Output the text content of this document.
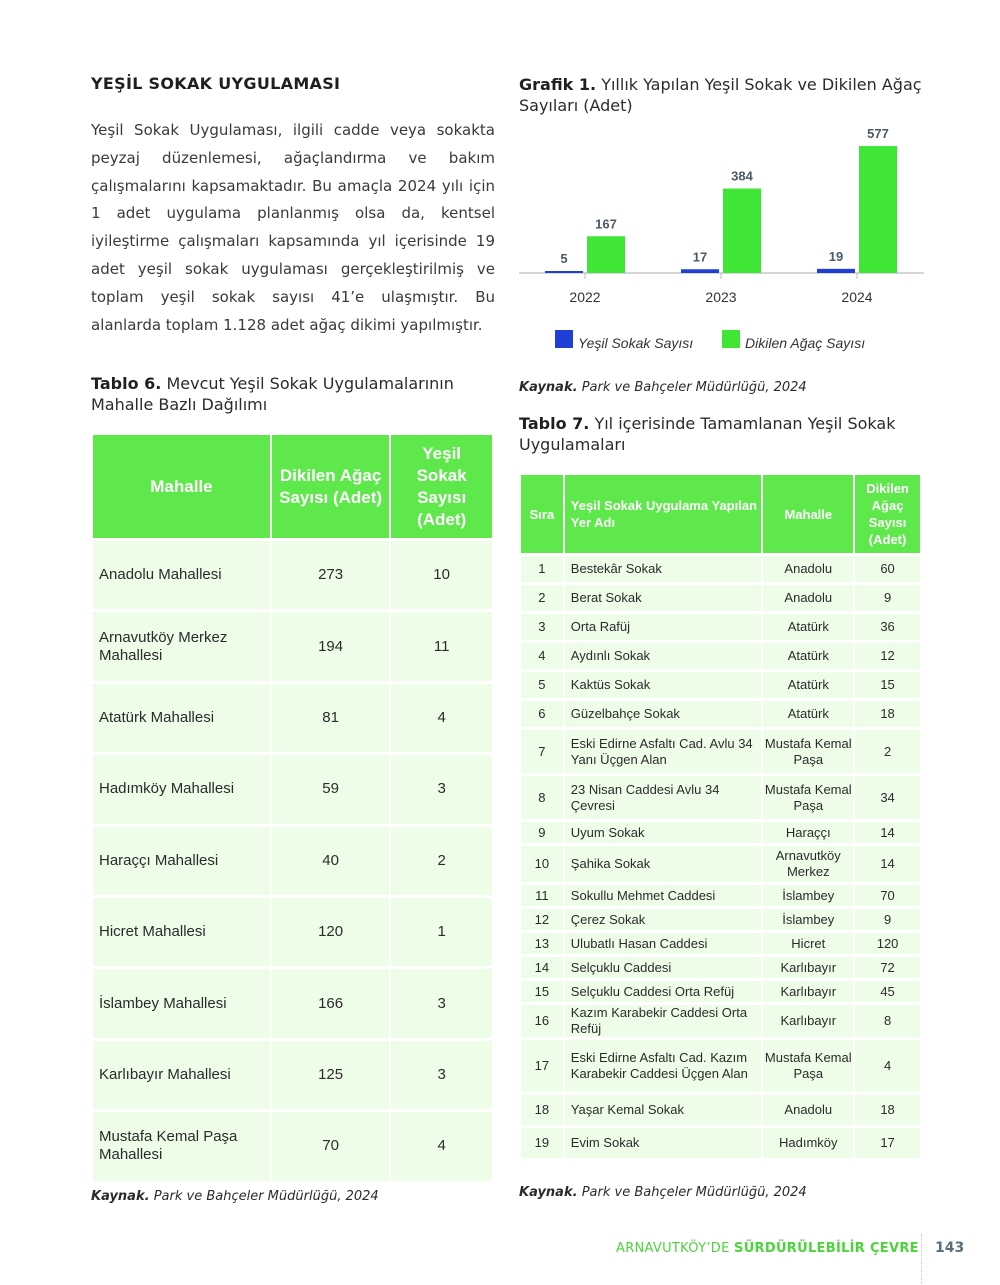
YEŞİL SOKAK UYGULAMASI

Yeşil Sokak Uygulaması, ilgili cadde veya sokakta peyzaj düzenlemesi, ağaçlandırma ve bakım çalışmalarını kapsamaktadır. Bu amaçla 2024 yılı için 1 adet uygulama planlanmış olsa da, kentsel iyileştirme çalışmaları kapsamında yıl içerisinde 19 adet yeşil sokak uygulaması gerçekleştirilmiş ve toplam yeşil sokak sayısı 41’e ulaşmıştır. Bu alanlarda toplam 1.128 adet ağaç dikimi yapılmıştır.

Tablo 6. Mevcut Yeşil Sokak Uygulamalarının Mahalle Bazlı Dağılımı
Mahalle	Dikilen Ağaç Sayısı (Adet)	Yeşil Sokak Sayısı (Adet)
Anadolu Mahallesi	273	10
Arnavutköy Merkez Mahallesi	194	11
Atatürk Mahallesi	81	4
Hadımköy Mahallesi	59	3
Haraççı Mahallesi	40	2
Hicret Mahallesi	120	1
İslambey Mahallesi	166	3
Karlıbayır Mahallesi	125	3
Mustafa Kemal Paşa Mahallesi	70	4
Kaynak. Park ve Bahçeler Müdürlüğü, 2024
Grafik 1. Yıllık Yapılan Yeşil Sokak ve Dikilen Ağaç Sayıları (Adet)
2022
5
167
2023
17
384
2024
19
577
Yeşil Sokak Sayısı	Dikilen Ağaç Sayısı
Kaynak. Park ve Bahçeler Müdürlüğü, 2024
Tablo 7. Yıl içerisinde Tamamlanan Yeşil Sokak Uygulamaları
Sıra	Yeşil Sokak Uygulama Yapılan Yer Adı	Mahalle	Dikilen Ağaç Sayısı (Adet)
1	Bestekâr Sokak	Anadolu	60
2	Berat Sokak	Anadolu	9
3	Orta Rafüj	Atatürk	36
4	Aydınlı Sokak	Atatürk	12
5	Kaktüs Sokak	Atatürk	15
6	Güzelbahçe Sokak	Atatürk	18
7	Eski Edirne Asfaltı Cad. Avlu 34 Yanı Üçgen Alan	Mustafa Kemal Paşa	2
8	23 Nisan Caddesi Avlu 34 Çevresi	Mustafa Kemal Paşa	34
9	Uyum Sokak	Haraççı	14
10	Şahika Sokak	Arnavutköy Merkez	14
11	Sokullu Mehmet Caddesi	İslambey	70
12	Çerez Sokak	İslambey	9
13	Ulubatlı Hasan Caddesi	Hicret	120
14	Selçuklu Caddesi	Karlıbayır	72
15	Selçuklu Caddesi Orta Refüj	Karlıbayır	45
16	Kazım Karabekir Caddesi Orta Refüj	Karlıbayır	8
17	Eski Edirne Asfaltı Cad. Kazım Karabekir Caddesi Üçgen Alan	Mustafa Kemal Paşa	4
18	Yaşar Kemal Sokak	Anadolu	18
19	Evim Sokak	Hadımköy	17
Kaynak. Park ve Bahçeler Müdürlüğü, 2024
ARNAVUTKÖY’DE SÜRDÜRÜLEBİLİR ÇEVRE 143
